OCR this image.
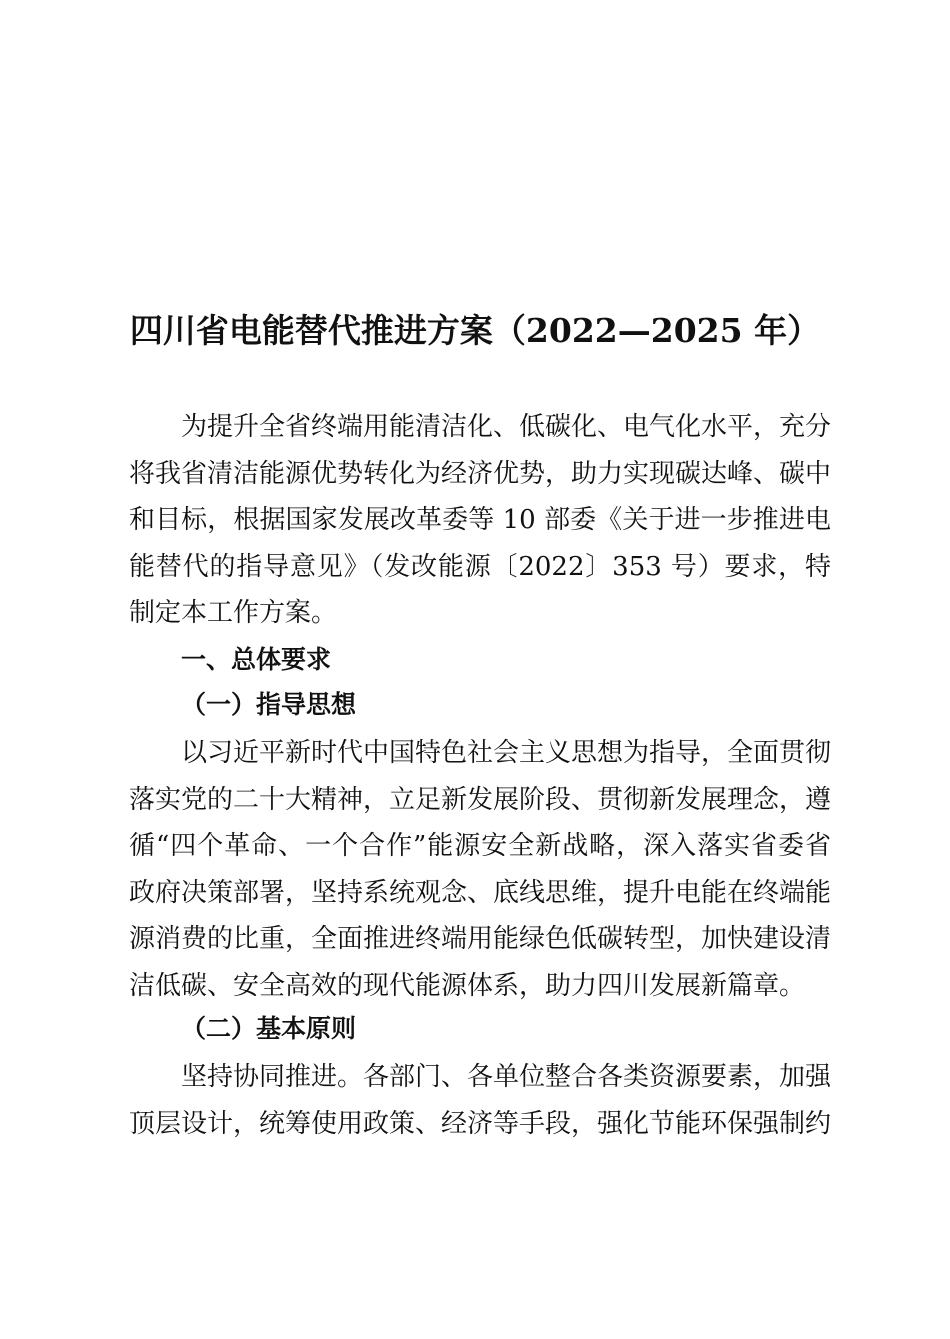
四川省电能替代推进方案（2022—2025 年）

为提升全省终端用能清洁化、低碳化、电气化水平，充分将我省清洁能源优势转化为经济优势，助力实现碳达峰、碳中和目标，根据国家发展改革委等 10 部委《关于进一步推进电能替代的指导意见》（发改能源〔2022〕353 号）要求，特制定本工作方案。

一、总体要求
（一）指导思想

以习近平新时代中国特色社会主义思想为指导，全面贯彻落实党的二十大精神，立足新发展阶段、贯彻新发展理念，遵循“四个革命、一个合作”能源安全新战略，深入落实省委省政府决策部署，坚持系统观念、底线思维，提升电能在终端能源消费的比重，全面推进终端用能绿色低碳转型，加快建设清洁低碳、安全高效的现代能源体系，助力四川发展新篇章。

（二）基本原则

坚持协同推进。各部门、各单位整合各类资源要素，加强顶层设计，统筹使用政策、经济等手段，强化节能环保强制约
